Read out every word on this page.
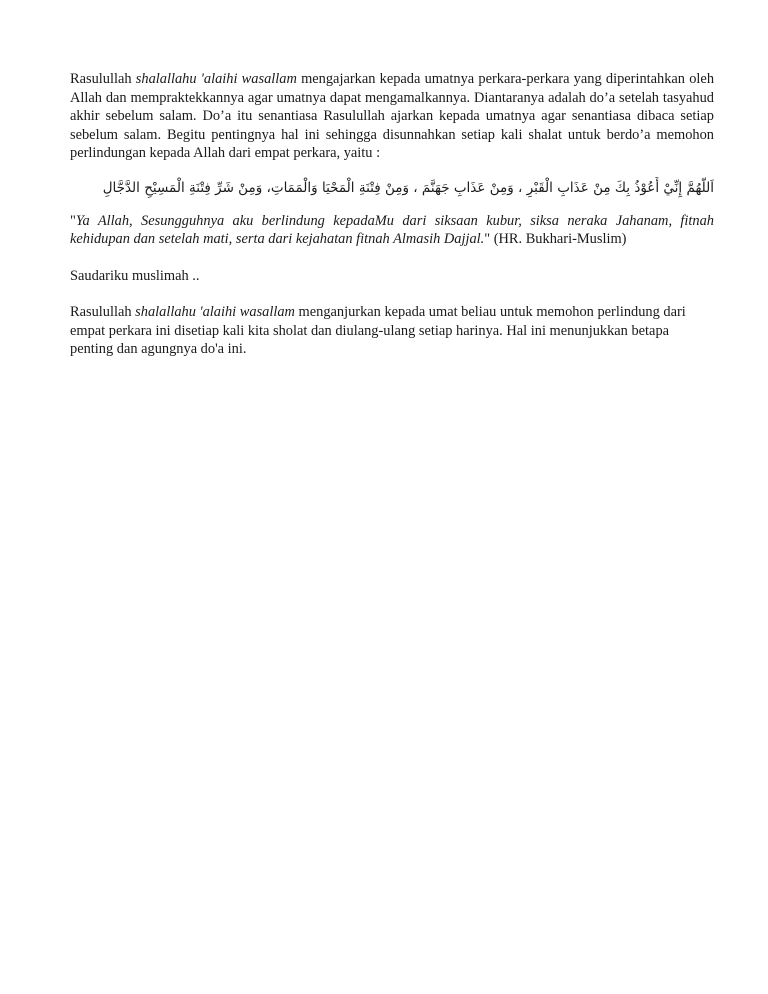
Rasulullah shalallahu 'alaihi wasallam mengajarkan kepada umatnya perkara-perkara yang diperintahkan oleh Allah dan mempraktekkannya agar umatnya dapat mengamalkannya. Diantaranya adalah do’a setelah tasyahud akhir sebelum salam. Do’a itu senantiasa Rasulullah ajarkan kepada umatnya agar senantiasa dibaca setiap sebelum salam. Begitu pentingnya hal ini sehingga disunnahkan setiap kali shalat untuk berdo’a memohon perlindungan kepada Allah dari empat perkara, yaitu :

اَللَّهُمَّ إِنِّيْ أَعُوْذُ بِكَ مِنْ عَذَابِ الْقَبْرِ ، وَمِنْ عَذَابِ جَهَنَّمَ ، وَمِنْ فِتْنَةِ الْمَحْيَا وَالْمَمَاتِ، وَمِنْ شَرِّ فِتْنَةِ الْمَسِيْحِ الدَّجَّالِ

"Ya Allah, Sesungguhnya aku berlindung kepadaMu dari siksaan kubur, siksa neraka Jahanam, fitnah kehidupan dan setelah mati, serta dari kejahatan fitnah Almasih Dajjal." (HR. Bukhari-Muslim)

Saudariku muslimah ..

Rasulullah shalallahu 'alaihi wasallam menganjurkan kepada umat beliau untuk memohon perlindung dari empat perkara ini disetiap kali kita sholat dan diulang-ulang setiap harinya. Hal ini menunjukkan betapa penting dan agungnya do'a ini.
